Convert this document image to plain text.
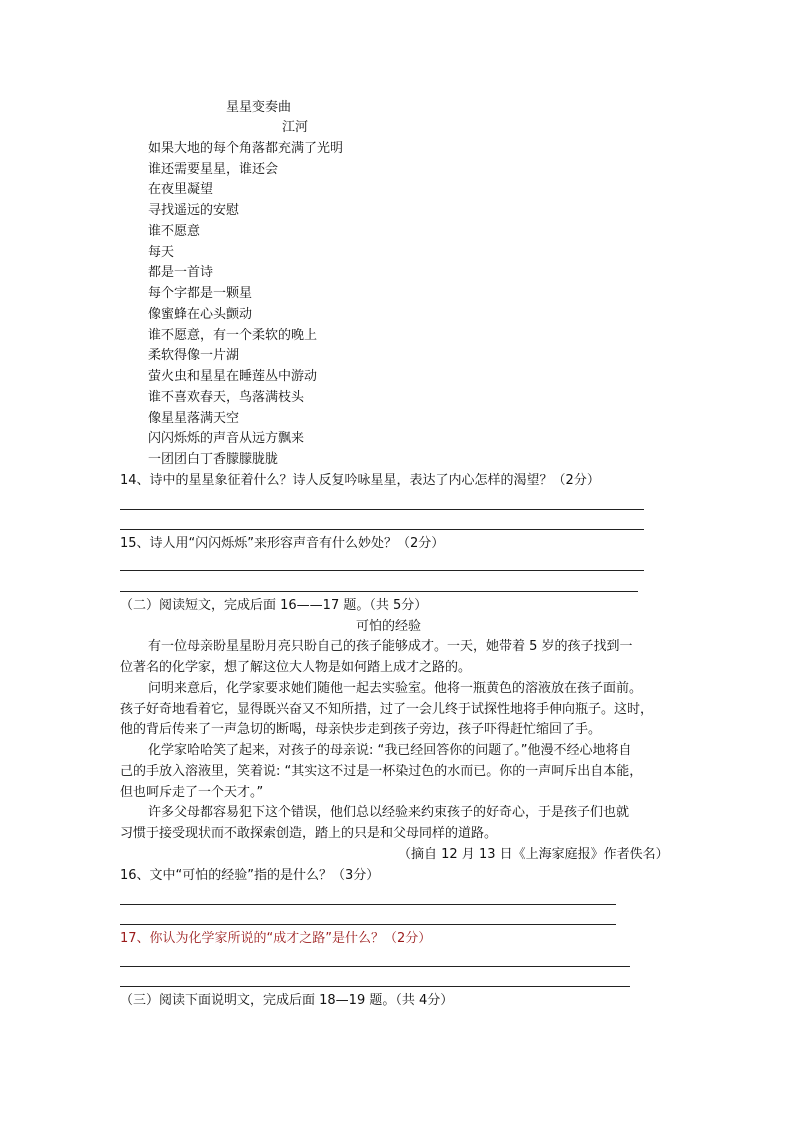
星星变奏曲
江河
如果大地的每个角落都充满了光明
谁还需要星星，谁还会
在夜里凝望
寻找遥远的安慰
谁不愿意
每天
都是一首诗
每个字都是一颗星
像蜜蜂在心头颤动
谁不愿意，有一个柔软的晚上
柔软得像一片湖
萤火虫和星星在睡莲丛中游动
谁不喜欢春天，鸟落满枝头
像星星落满天空
闪闪烁烁的声音从远方飘来
一团团白丁香朦朦胧胧
14、诗中的星星象征着什么？诗人反复吟咏星星，表达了内心怎样的渴望？（2分）
15、诗人用“闪闪烁烁”来形容声音有什么妙处？（2分）
（二）阅读短文，完成后面 16——17 题。（共 5分）
可怕的经验
有一位母亲盼星星盼月亮只盼自己的孩子能够成才。一天，她带着 5 岁的孩子找到一
位著名的化学家，想了解这位大人物是如何踏上成才之路的。
问明来意后，化学家要求她们随他一起去实验室。他将一瓶黄色的溶液放在孩子面前。
孩子好奇地看着它，显得既兴奋又不知所措，过了一会儿终于试探性地将手伸向瓶子。这时，
他的背后传来了一声急切的断喝，母亲快步走到孩子旁边，孩子吓得赶忙缩回了手。
化学家哈哈笑了起来，对孩子的母亲说: “我已经回答你的问题了。”他漫不经心地将自
己的手放入溶液里，笑着说: “其实这不过是一杯染过色的水而已。你的一声呵斥出自本能，
但也呵斥走了一个天才。”
许多父母都容易犯下这个错误，他们总以经验来约束孩子的好奇心，于是孩子们也就
习惯于接受现状而不敢探索创造，踏上的只是和父母同样的道路。
（摘自 12 月 13 日《上海家庭报》作者佚名）
16、文中“可怕的经验”指的是什么？（3分）
17、你认为化学家所说的“成才之路”是什么？（2分）
（三）阅读下面说明文，完成后面 18—19 题。（共 4分）
